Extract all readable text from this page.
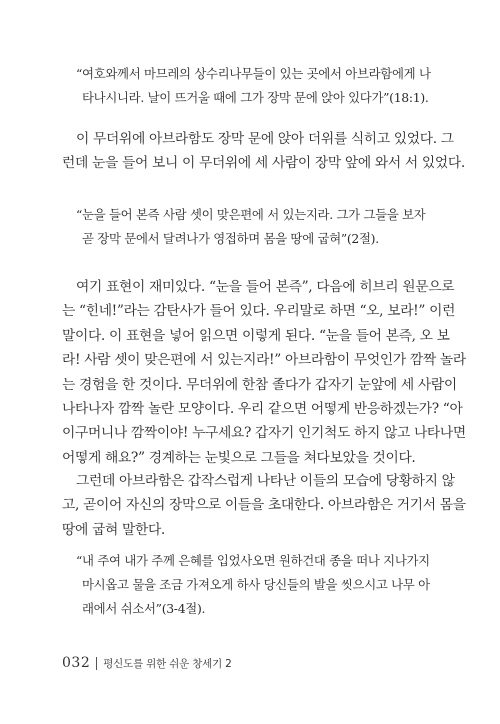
“여호와께서 마므레의 상수리나무들이 있는 곳에서 아브라함에게 나
타나시니라. 날이 뜨거울 때에 그가 장막 문에 앉아 있다가”(18:1).
이 무더위에 아브라함도 장막 문에 앉아 더위를 식히고 있었다. 그
런데 눈을 들어 보니 이 무더위에 세 사람이 장막 앞에 와서 서 있었다.
“눈을 들어 본즉 사람 셋이 맞은편에 서 있는지라. 그가 그들을 보자
곧 장막 문에서 달려나가 영접하며 몸을 땅에 굽혀”(2절).
여기 표현이 재미있다. “눈을 들어 본즉”, 다음에 히브리 원문으로
는 “힌네!”라는 감탄사가 들어 있다. 우리말로 하면 “오, 보라!” 이런
말이다. 이 표현을 넣어 읽으면 이렇게 된다. “눈을 들어 본즉, 오 보
라! 사람 셋이 맞은편에 서 있는지라!” 아브라함이 무엇인가 깜짝 놀라
는 경험을 한 것이다. 무더위에 한참 졸다가 갑자기 눈앞에 세 사람이
나타나자 깜짝 놀란 모양이다. 우리 같으면 어떻게 반응하겠는가? “아
이구머니나 깜짝이야! 누구세요? 갑자기 인기척도 하지 않고 나타나면
어떻게 해요?” 경계하는 눈빛으로 그들을 쳐다보았을 것이다.
그런데 아브라함은 갑작스럽게 나타난 이들의 모습에 당황하지 않
고, 곧이어 자신의 장막으로 이들을 초대한다. 아브라함은 거기서 몸을
땅에 굽혀 말한다.
“내 주여 내가 주께 은혜를 입었사오면 원하건대 종을 떠나 지나가지
마시옵고 물을 조금 가져오게 하사 당신들의 발을 씻으시고 나무 아
래에서 쉬소서”(3-4절).
032 평신도를 위한 쉬운 창세기 2
